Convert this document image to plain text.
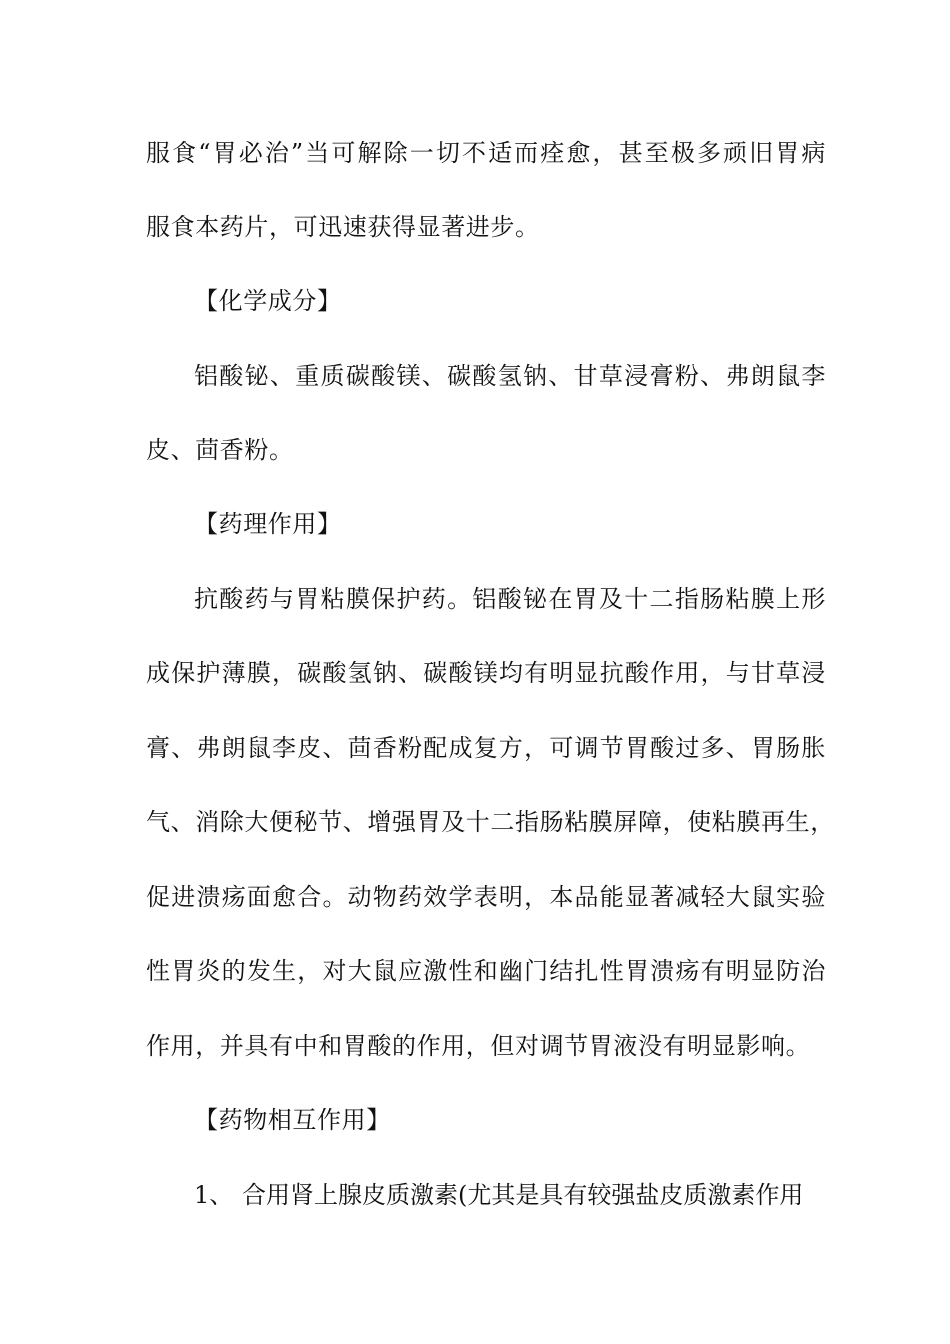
服食“胃必治”当可解除一切不适而痊愈，甚至极多顽旧胃病
服食本药片，可迅速获得显著进步。
【化学成分】
铝酸铋、重质碳酸镁、碳酸氢钠、甘草浸膏粉、弗朗鼠李
皮、茴香粉。
【药理作用】
抗酸药与胃粘膜保护药。铝酸铋在胃及十二指肠粘膜上形
成保护薄膜，碳酸氢钠、碳酸镁均有明显抗酸作用，与甘草浸
膏、弗朗鼠李皮、茴香粉配成复方，可调节胃酸过多、胃肠胀
气、消除大便秘节、增强胃及十二指肠粘膜屏障，使粘膜再生，
促进溃疡面愈合。动物药效学表明，本品能显著减轻大鼠实验
性胃炎的发生，对大鼠应激性和幽门结扎性胃溃疡有明显防治
作用，并具有中和胃酸的作用，但对调节胃液没有明显影响。
【药物相互作用】
1、 合用肾上腺皮质激素(尤其是具有较强盐皮质激素作用
